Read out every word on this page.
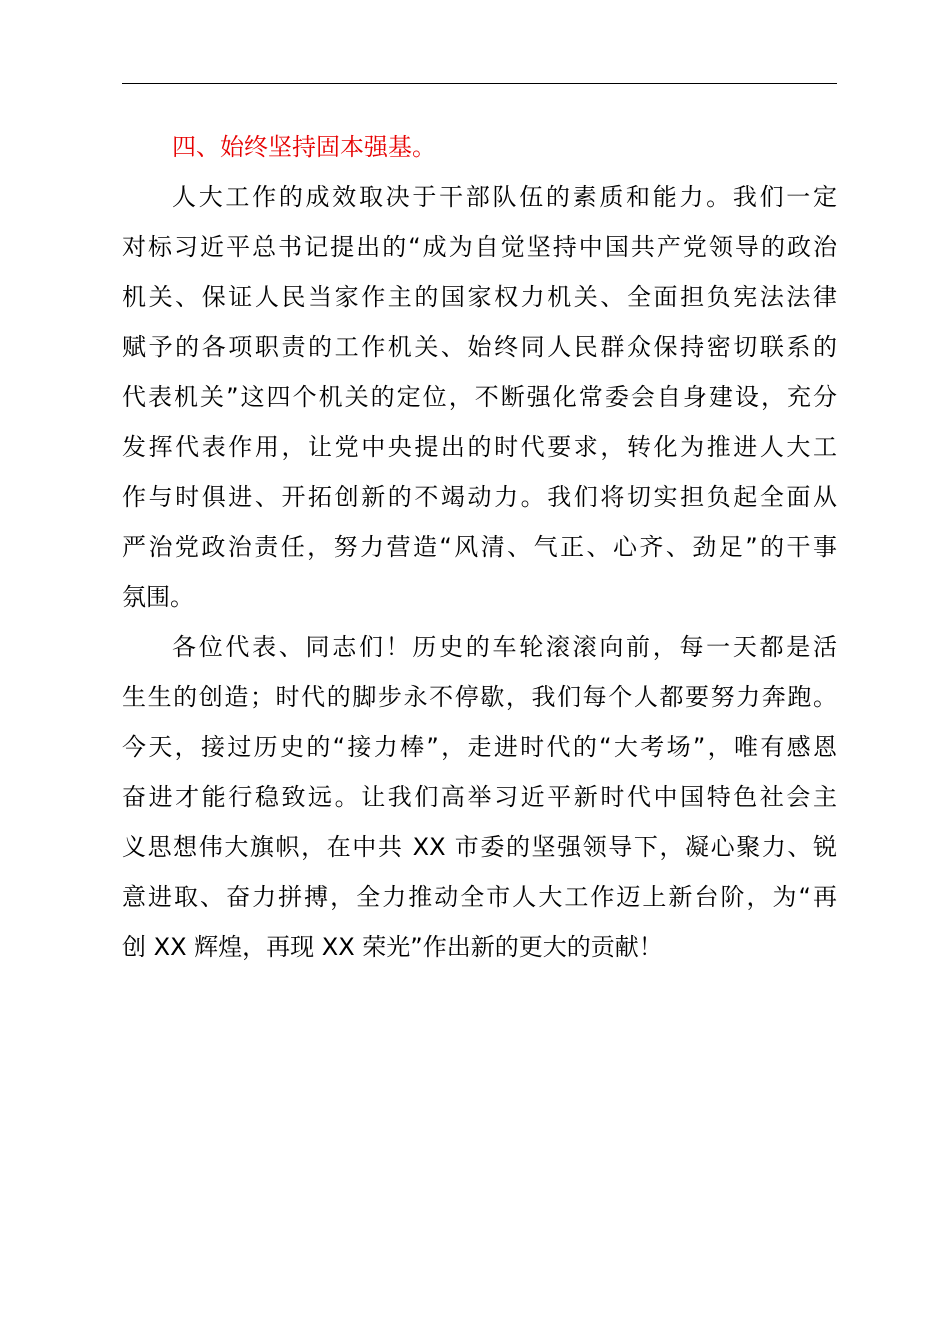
四、始终坚持固本强基。
人大工作的成效取决于干部队伍的素质和能力。我们一定
对标习近平总书记提出的“成为自觉坚持中国共产党领导的政治
机关、保证人民当家作主的国家权力机关、全面担负宪法法律
赋予的各项职责的工作机关、始终同人民群众保持密切联系的
代表机关”这四个机关的定位，不断强化常委会自身建设，充分
发挥代表作用，让党中央提出的时代要求，转化为推进人大工
作与时俱进、开拓创新的不竭动力。我们将切实担负起全面从
严治党政治责任，努力营造“风清、气正、心齐、劲足”的干事
氛围。
各位代表、同志们！历史的车轮滚滚向前，每一天都是活
生生的创造；时代的脚步永不停歇，我们每个人都要努力奔跑。
今天，接过历史的“接力棒”，走进时代的“大考场”，唯有感恩
奋进才能行稳致远。让我们高举习近平新时代中国特色社会主
义思想伟大旗帜，在中共 XX 市委的坚强领导下，凝心聚力、锐
意进取、奋力拼搏，全力推动全市人大工作迈上新台阶，为“再
创 XX 辉煌，再现 XX 荣光”作出新的更大的贡献！
